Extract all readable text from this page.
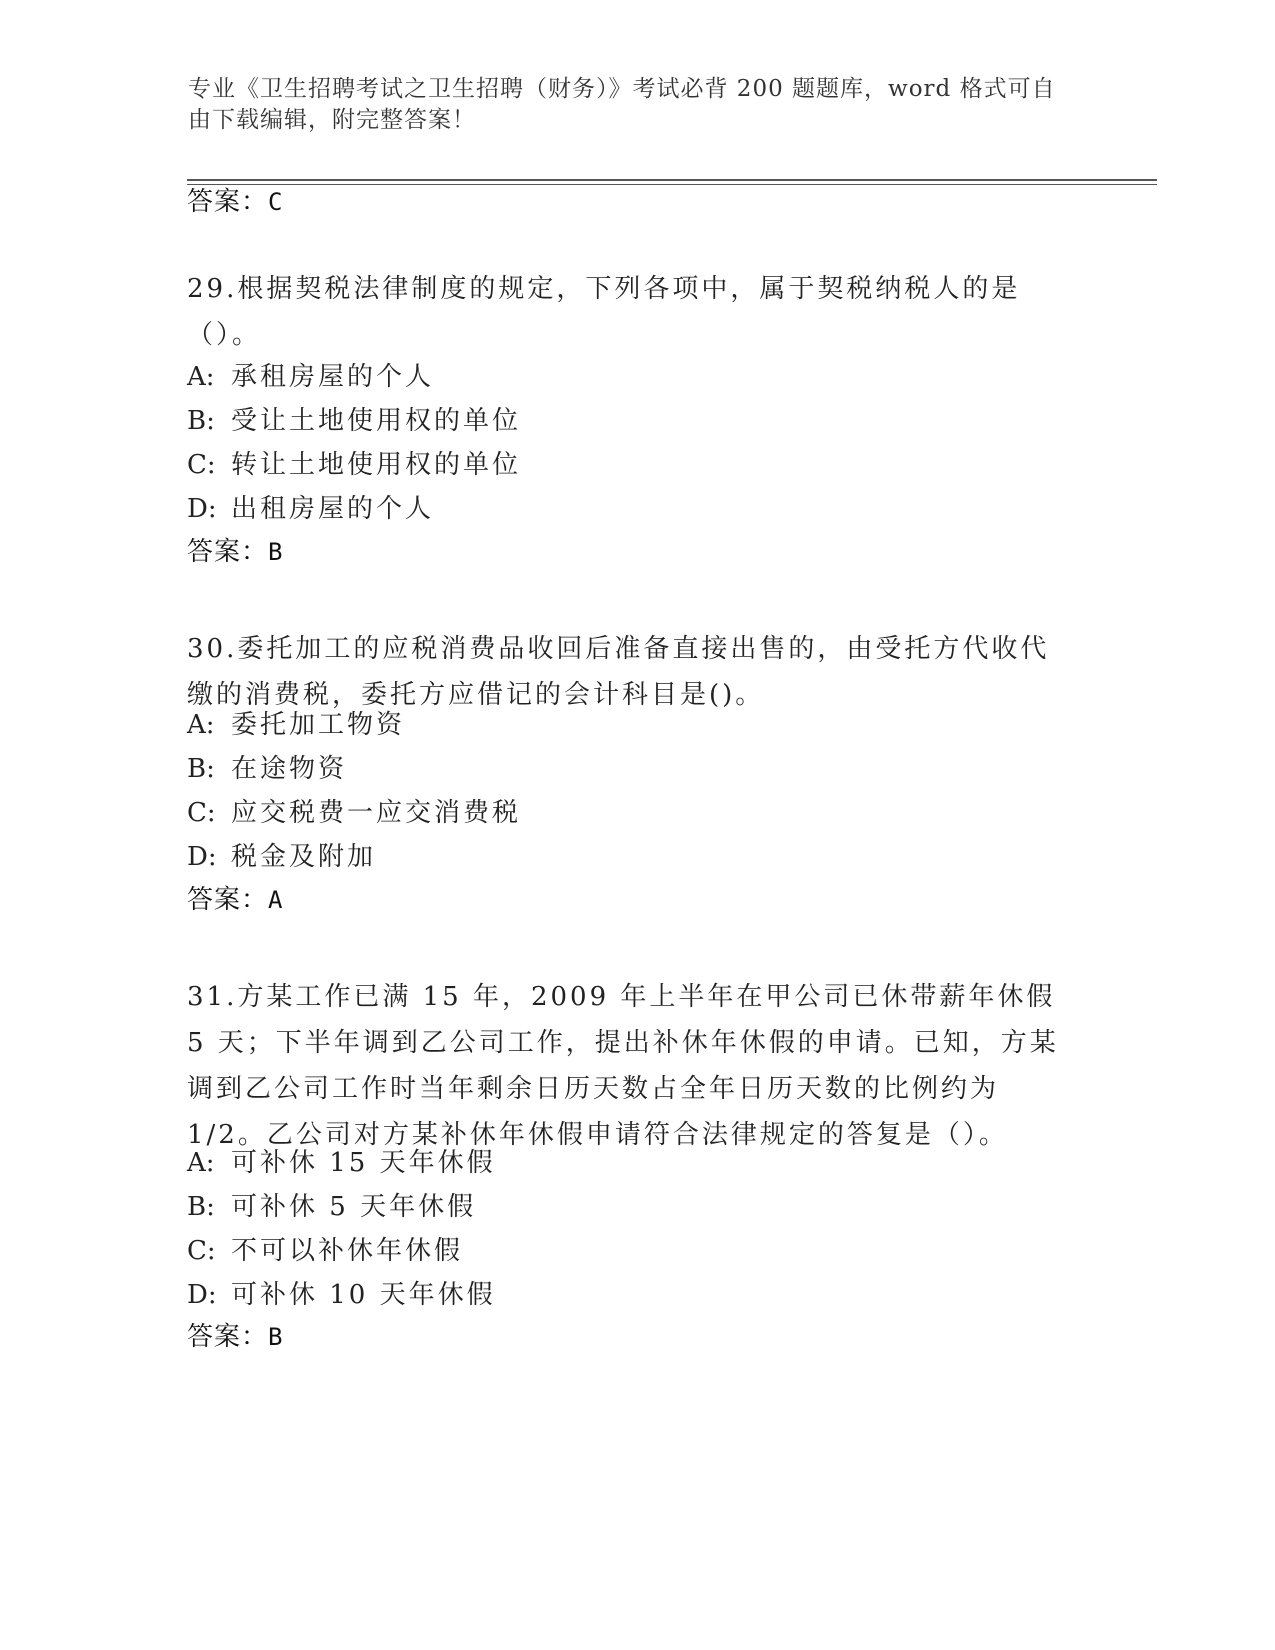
专业《卫生招聘考试之卫生招聘（财务）》考试必背 200 题题库，word 格式可自由下载编辑，附完整答案！
答案：C
29.根据契税法律制度的规定，下列各项中，属于契税纳税人的是（）。
A: 承租房屋的个人
B: 受让土地使用权的单位
C: 转让土地使用权的单位
D: 出租房屋的个人
答案：B
30.委托加工的应税消费品收回后准备直接出售的，由受托方代收代缴的消费税，委托方应借记的会计科目是()。
A: 委托加工物资
B: 在途物资
C: 应交税费一应交消费税
D: 税金及附加
答案：A
31.方某工作已满 15 年，2009 年上半年在甲公司已休带薪年休假 5 天；下半年调到乙公司工作，提出补休年休假的申请。已知，方某调到乙公司工作时当年剩余日历天数占全年日历天数的比例约为 1/2。乙公司对方某补休年休假申请符合法律规定的答复是（）。
A: 可补休 15 天年休假
B: 可补休 5 天年休假
C: 不可以补休年休假
D: 可补休 10 天年休假
答案：B
